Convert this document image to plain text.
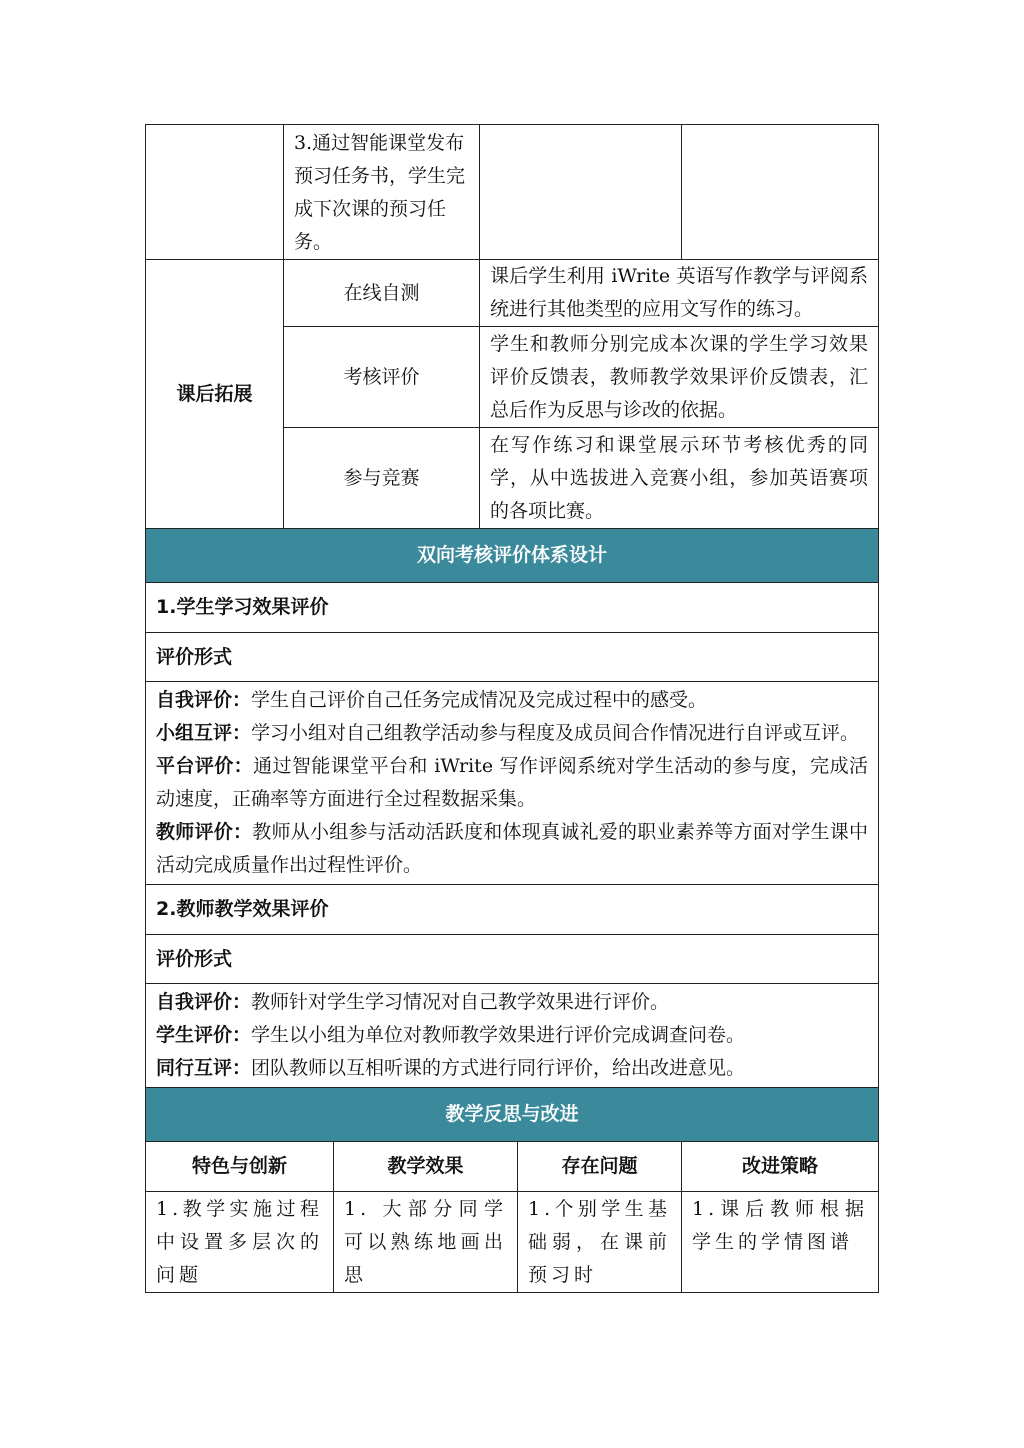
	3.通过智能课堂发布预习任务书，学生完成下次课的预习任务。				
课后拓展	在线自测		课后学生利用 iWrite 英语写作教学与评阅系统进行其他类型的应用文写作的练习。		
	考核评价		学生和教师分别完成本次课的学生学习效果评价反馈表，教师教学效果评价反馈表，汇总后作为反思与诊改的依据。		
	参与竞赛		在写作练习和课堂展示环节考核优秀的同学，从中选拔进入竞赛小组，参加英语赛项的各项比赛。		
双向考核评价体系设计					
1.学生学习效果评价					
评价形式					

自我评价：学生自己评价自己任务完成情况及完成过程中的感受。

小组互评：学习小组对自己组教学活动参与程度及成员间合作情况进行自评或互评。

平台评价：通过智能课堂平台和 iWrite 写作评阅系统对学生活动的参与度，完成活动速度，正确率等方面进行全过程数据采集。

教师评价：教师从小组参与活动活跃度和体现真诚礼爱的职业素养等方面对学生课中活动完成质量作出过程性评价。					

2.教师教学效果评价					
评价形式					

自我评价：教师针对学生学习情况对自己教学效果进行评价。

学生评价：学生以小组为单位对教师教学效果进行评价完成调查问卷。

同行互评：团队教师以互相听课的方式进行同行评价，给出改进意见。					

教学反思与改进					
特色与创新		教学效果		存在问题	改进策略
1.教学实施过程中设置多层次的问题		1. 大部分同学可以熟练地画出思		1.个别学生基础弱，在课前预习时	1.课后教师根据学生的学情图谱
